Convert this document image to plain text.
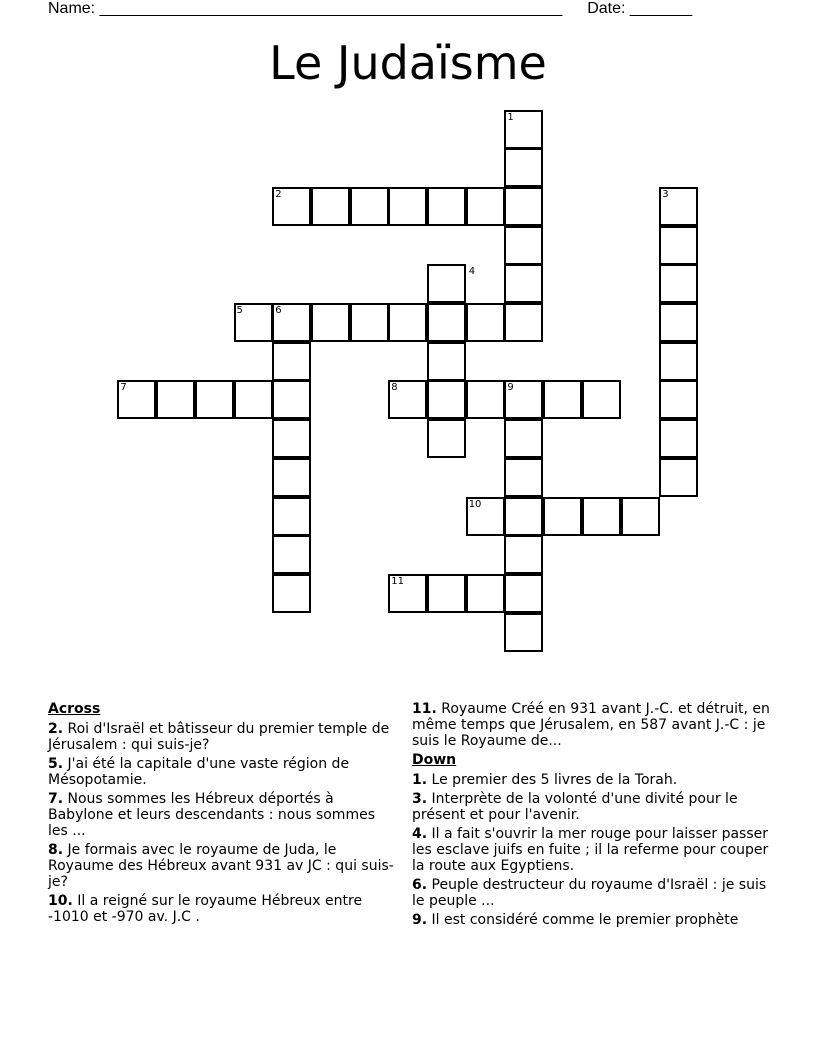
Name: ____________________________________________________ Date: _______
Le Judaïsme
1
2	3
4
5	6
7	8	9
10
11
Across
2. Roi d'Israël et bâtisseur du premier temple de Jérusalem : qui suis-je?
5. J'ai été la capitale d'une vaste région de Mésopotamie.
7. Nous sommes les Hébreux déportés à Babylone et leurs descendants : nous sommes les ...
8. Je formais avec le royaume de Juda, le Royaume des Hébreux avant 931 av JC : qui suis-je?
10. Il a reigné sur le royaume Hébreux entre -1010 et -970 av. J.C .
11. Royaume Créé en 931 avant J.-C. et détruit, en même temps que Jérusalem, en 587 avant J.-C : je suis le Royaume de...
Down
1. Le premier des 5 livres de la Torah.
3. Interprète de la volonté d'une divité pour le présent et pour l'avenir.
4. Il a fait s'ouvrir la mer rouge pour laisser passer les esclave juifs en fuite ; il la referme pour couper la route aux Egyptiens.
6. Peuple destructeur du royaume d'Israël : je suis le peuple ...
9. Il est considéré comme le premier prophète
